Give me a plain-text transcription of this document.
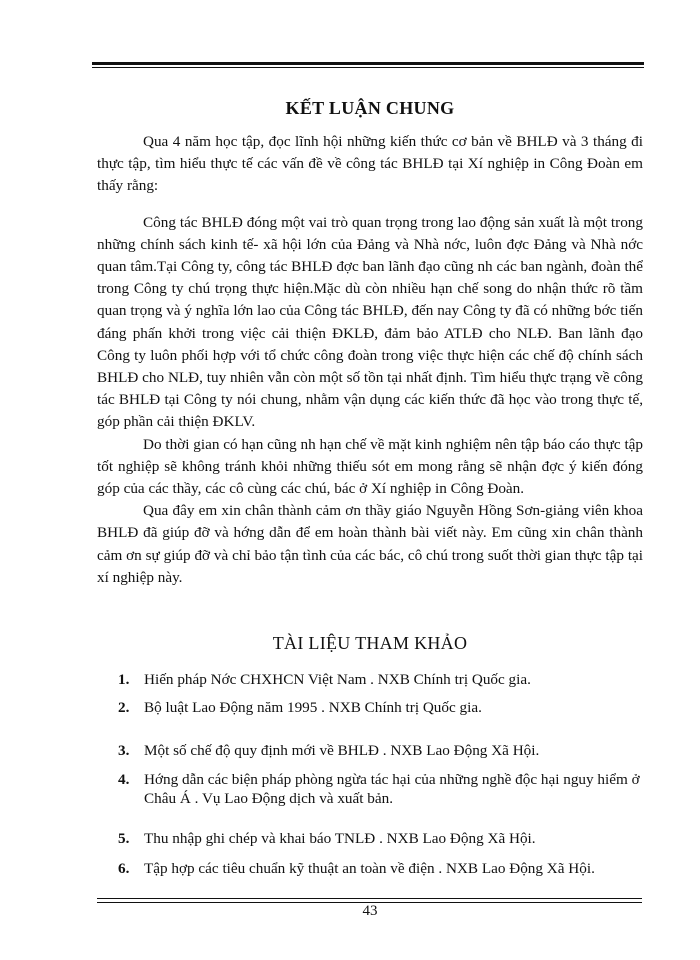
KẾT LUẬN CHUNG

Qua 4 năm học tập, đọc lĩnh hội những kiến thức cơ bản về BHLĐ và 3 tháng đi thực tập, tìm hiểu thực tế các vấn đề về công tác BHLĐ tại Xí nghiệp in Công Đoàn em thấy rằng:

Công tác BHLĐ đóng một vai trò quan trọng trong lao động sản xuất là một trong những chính sách kinh tế- xã hội lớn của Đảng và Nhà nớc, luôn đợc Đảng và Nhà nớc quan tâm.Tại Công ty, công tác BHLĐ đợc ban lãnh đạo cũng nh các ban ngành, đoàn thể trong Công ty chú trọng thực hiện.Mặc dù còn nhiều hạn chế song do nhận thức rõ tầm quan trọng và ý nghĩa lớn lao của Công tác BHLĐ, đến nay Công ty đã có những bớc tiến đáng phấn khởi trong việc cải thiện ĐKLĐ, đảm bảo ATLĐ cho NLĐ. Ban lãnh đạo Công ty luôn phối hợp với tổ chức công đoàn trong việc thực hiện các chế độ chính sách BHLĐ cho NLĐ, tuy nhiên vẫn còn một số tồn tại nhất định. Tìm hiểu thực trạng về công tác BHLĐ tại Công ty nói chung, nhằm vận dụng các kiến thức đã học vào trong thực tế, góp phần cải thiện ĐKLV.

Do thời gian có hạn cũng nh hạn chế về mặt kinh nghiệm nên tập báo cáo thực tập tốt nghiệp sẽ không tránh khỏi những thiếu sót em mong rằng sẽ nhận đợc ý kiến đóng góp của các thầy, các cô cùng các chú, bác ở Xí nghiệp in Công Đoàn.

Qua đây em xin chân thành cảm ơn thầy giáo Nguyễn Hồng Sơn-giảng viên khoa BHLĐ đã giúp đỡ và hớng dẫn để em hoàn thành bài viết này. Em cũng xin chân thành cảm ơn sự giúp đỡ và chỉ bảo tận tình của các bác, cô chú trong suốt thời gian thực tập tại xí nghiệp này.

TÀI LIỆU THAM KHẢO
1. Hiến pháp Nớc CHXHCN Việt Nam . NXB Chính trị Quốc gia.
2. Bộ luật Lao Động năm 1995 . NXB Chính trị Quốc gia.
3. Một số chế độ quy định mới về BHLĐ . NXB Lao Động Xã Hội.
4. Hớng dẫn các biện pháp phòng ngừa tác hại của những nghề độc hại nguy hiểm ở Châu Á . Vụ Lao Động dịch và xuất bản.
5. Thu nhập ghi chép và khai báo TNLĐ . NXB Lao Động Xã Hội.
6. Tập hợp các tiêu chuẩn kỹ thuật an toàn về điện . NXB Lao Động Xã Hội.
43
